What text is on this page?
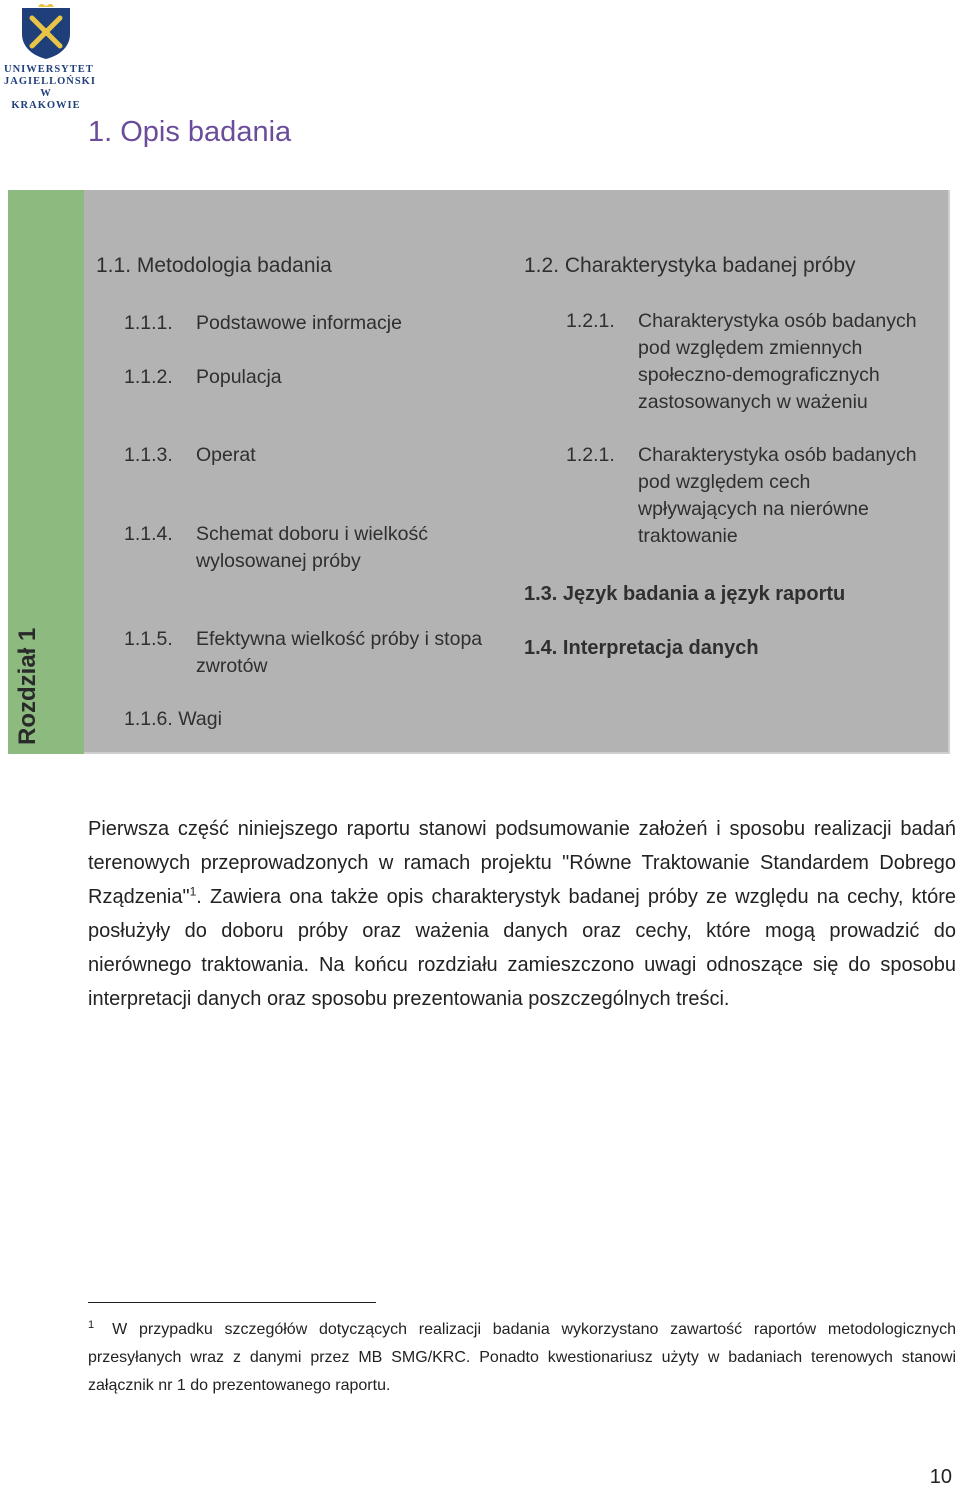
UNIWERSYTET
JAGIELLOŃSKI
W KRAKOWIE
1. Opis badania
Rozdział 1
1.1. Metodologia badania
1.1.1. Podstawowe informacje
1.1.2. Populacja
1.1.3. Operat
1.1.4. Schemat doboru i wielkość
wylosowanej próby
1.1.5. Efektywna wielkość próby i stopa
zwrotów
1.1.6. Wagi
1.2. Charakterystyka badanej próby
1.2.1. Charakterystyka osób badanych
pod względem zmiennych
społeczno-demograficznych
zastosowanych w ważeniu
1.2.1. Charakterystyka osób badanych
pod względem cech
wpływających na nierówne
traktowanie
1.3. Język badania a język raportu
1.4. Interpretacja danych
Pierwsza część niniejszego raportu stanowi podsumowanie założeń i sposobu realizacji badań terenowych przeprowadzonych w ramach projektu "Równe Traktowanie Standardem Dobrego Rządzenia"$^1$. Zawiera ona także opis charakterystyk badanej próby ze względu na cechy, które posłużyły do doboru próby oraz ważenia danych oraz cechy, które mogą prowadzić do nierównego traktowania. Na końcu rozdziału zamieszczono uwagi odnoszące się do sposobu interpretacji danych oraz sposobu prezentowania poszczególnych treści.
$^1$ W przypadku szczegółów dotyczących realizacji badania wykorzystano zawartość raportów metodologicznych przesyłanych wraz z danymi przez MB SMG/KRC. Ponadto kwestionariusz użyty w badaniach terenowych stanowi załącznik nr 1 do prezentowanego raportu.
10
